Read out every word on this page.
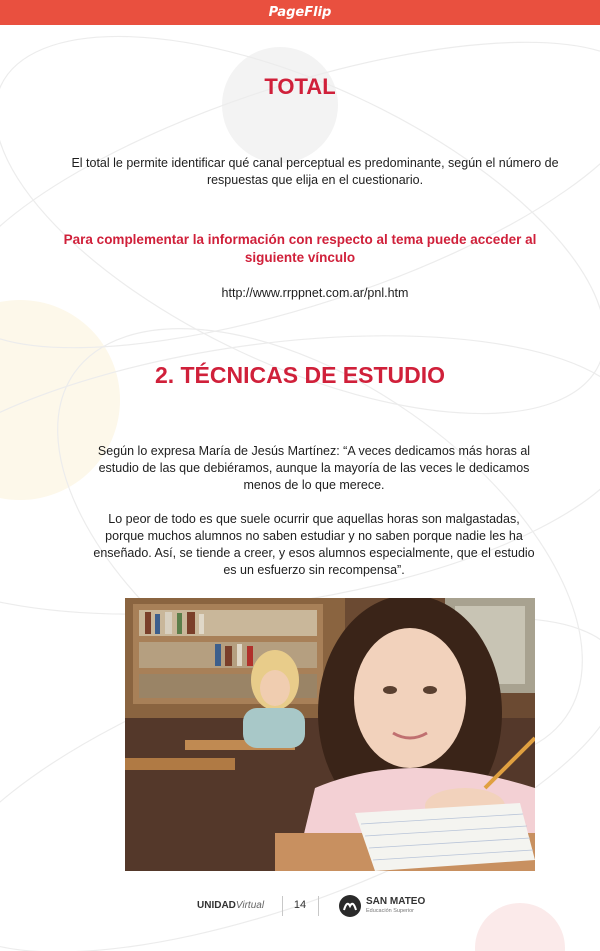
PageFlip
TOTAL

El total le permite identificar qué canal perceptual es predominante, según el número de respuestas que elija en el cuestionario.

Para complementar la información con respecto al tema puede acceder al siguiente vínculo

http://www.rrppnet.com.ar/pnl.htm

2. TÉCNICAS DE ESTUDIO

Según lo expresa María de Jesús Martínez: “A veces dedicamos más horas al estudio de las que debiéramos, aunque la mayoría de las veces le dedicamos menos de lo que merece.

Lo peor de todo es que suele ocurrir que aquellas horas son malgastadas, porque muchos alumnos no saben estudiar y no saben porque nadie les ha enseñado. Así, se tiende a creer, y esos alumnos especialmente, que el estudio es un esfuerzo sin recompensa”.

UNIDADVirtual	14	SAN MATEO
Educación Superior
